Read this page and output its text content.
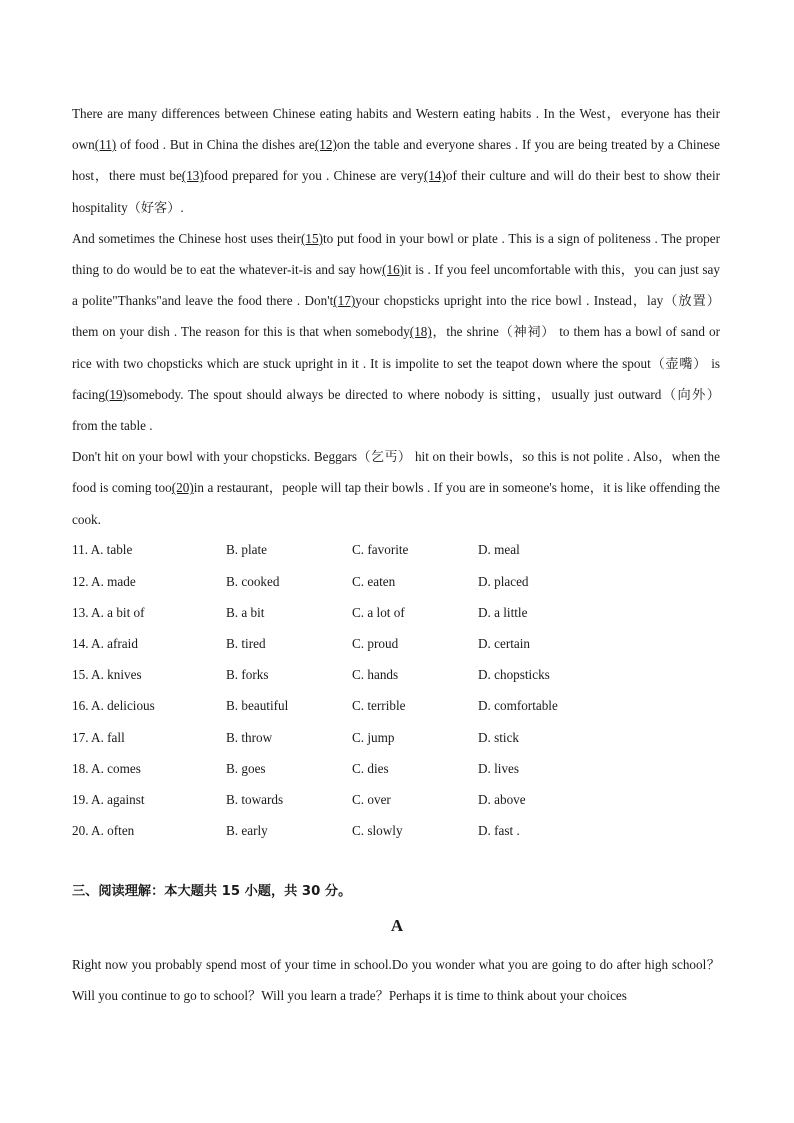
There are many differences between Chinese eating habits and Western eating habits . In the West，everyone has their own(11) of food . But in China the dishes are(12)on the table and everyone shares . If you are being treated by a Chinese host，there must be(13)food prepared for you . Chinese are very(14)of their culture and will do their best to show their hospitality（好客）.

And sometimes the Chinese host uses their(15)to put food in your bowl or plate . This is a sign of politeness . The proper thing to do would be to eat the whatever-it-is and say how(16)it is . If you feel uncomfortable with this，you can just say a polite"Thanks"and leave the food there . Don't(17)your chopsticks upright into the rice bowl . Instead，lay（放置） them on your dish . The reason for this is that when somebody(18)，the shrine（神祠） to them has a bowl of sand or rice with two chopsticks which are stuck upright in it . It is impolite to set the teapot down where the spout（壶嘴） is facing(19)somebody. The spout should always be directed to where nobody is sitting，usually just outward（向外） from the table .

Don't hit on your bowl with your chopsticks. Beggars（乞丐） hit on their bowls，so this is not polite . Also，when the food is coming too(20)in a restaurant，people will tap their bowls . If you are in someone's home，it is like offending the cook.

11. A. table	B. plate	C. favorite	D. meal
12. A. made	B. cooked	C. eaten	D. placed
13. A. a bit of	B. a bit	C. a lot of	D. a little
14. A. afraid	B. tired	C. proud	D. certain
15. A. knives	B. forks	C. hands	D. chopsticks
16. A. delicious	B. beautiful	C. terrible	D. comfortable
17. A. fall	B. throw	C. jump	D. stick
18. A. comes	B. goes	C. dies	D. lives
19. A. against	B. towards	C. over	D. above
20. A. often	B. early	C. slowly	D. fast .
三、阅读理解：本大题共 15 小题，共 30 分。
A

Right now you probably spend most of your time in school.Do you wonder what you are going to do after high school？Will you continue to go to school？Will you learn a trade？Perhaps it is time to think about your choices
